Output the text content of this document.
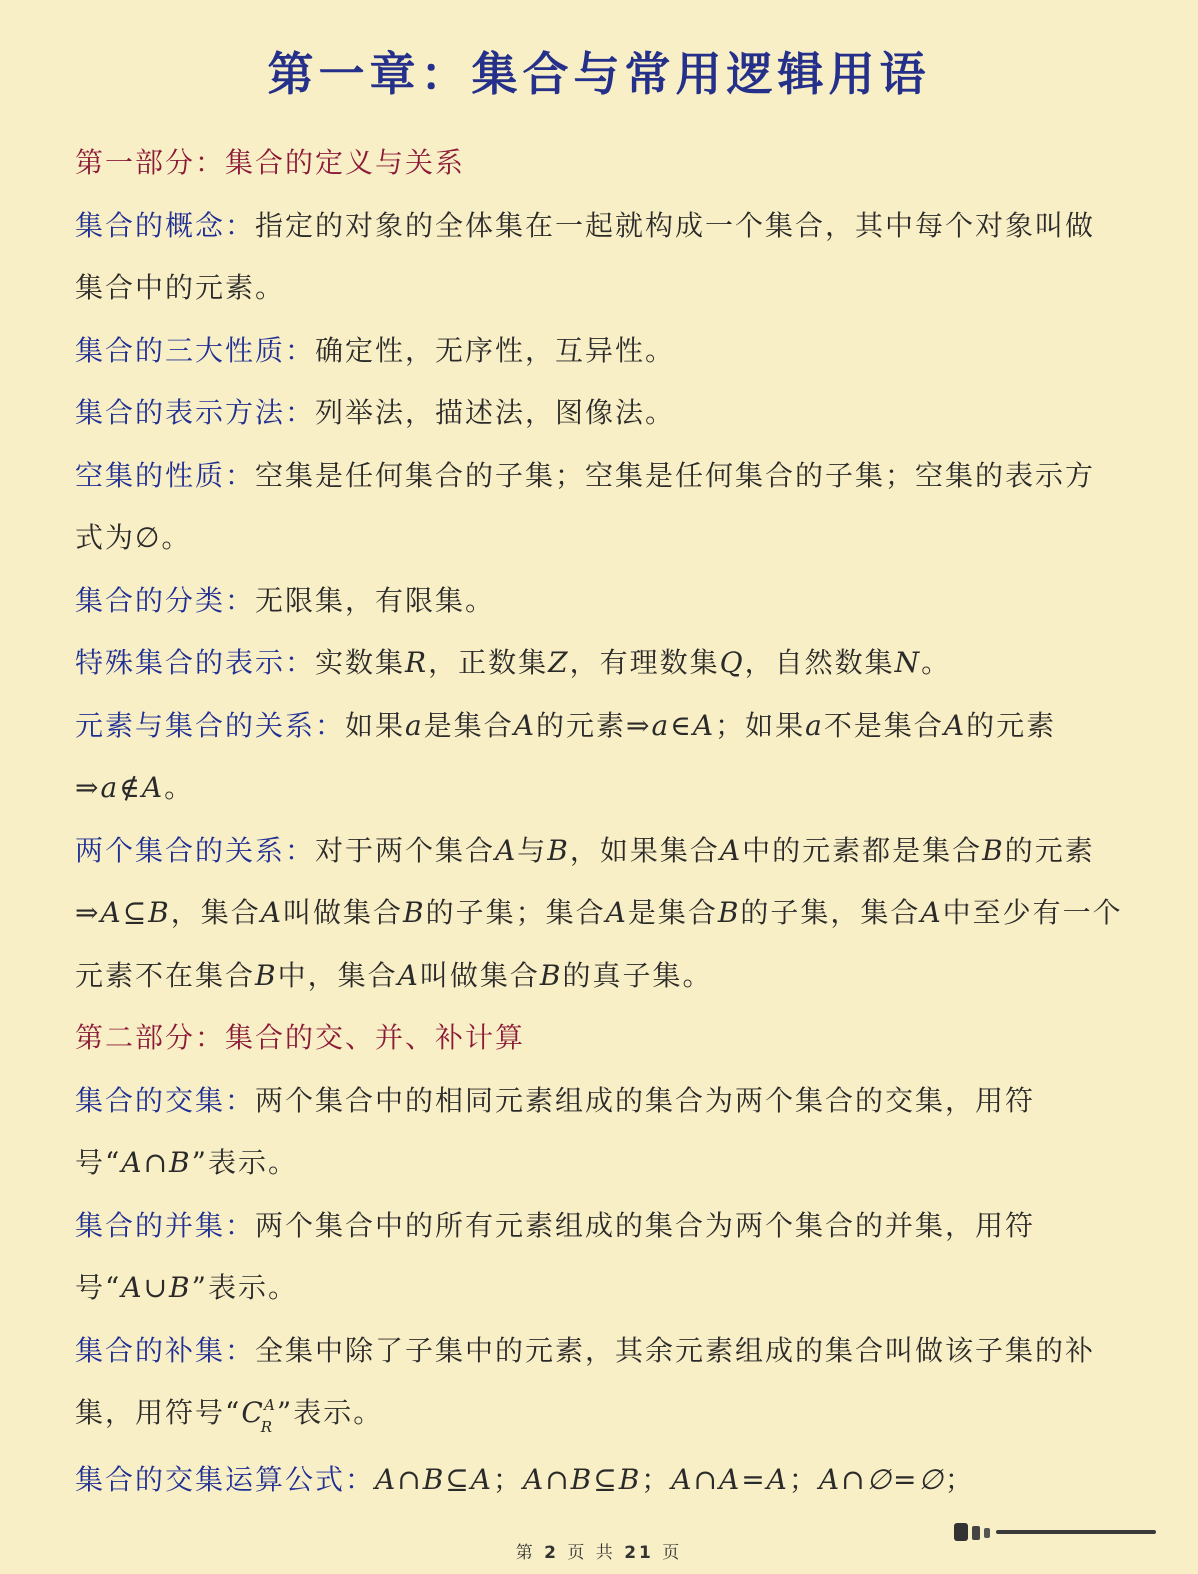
第一章：集合与常用逻辑用语

第一部分：集合的定义与关系

集合的概念：指定的对象的全体集在一起就构成一个集合，其中每个对象叫做集合中的元素。

集合的三大性质：确定性，无序性，互异性。

集合的表示方法：列举法，描述法，图像法。

空集的性质：空集是任何集合的子集；空集是任何集合的子集；空集的表示方式为∅。

集合的分类：无限集，有限集。

特殊集合的表示：实数集R，正数集Z，有理数集Q，自然数集N。

元素与集合的关系：如果a是集合A的元素⇒a∈A；如果a不是集合A的元素⇒a∉A。

两个集合的关系：对于两个集合A与B，如果集合A中的元素都是集合B的元素⇒A⊆B，集合A叫做集合B的子集；集合A是集合B的子集，集合A中至少有一个元素不在集合B中，集合A叫做集合B的真子集。

第二部分：集合的交、并、补计算

集合的交集：两个集合中的相同元素组成的集合为两个集合的交集，用符号“A∩B”表示。

集合的并集：两个集合中的所有元素组成的集合为两个集合的并集，用符号“A∪B”表示。

集合的补集：全集中除了子集中的元素，其余元素组成的集合叫做该子集的补集，用符号“$C_R^A$”表示。

集合的交集运算公式：A∩B⊆A；A∩B⊆B；A∩A=A；A∩∅=∅；

第 2 页 共 21 页
